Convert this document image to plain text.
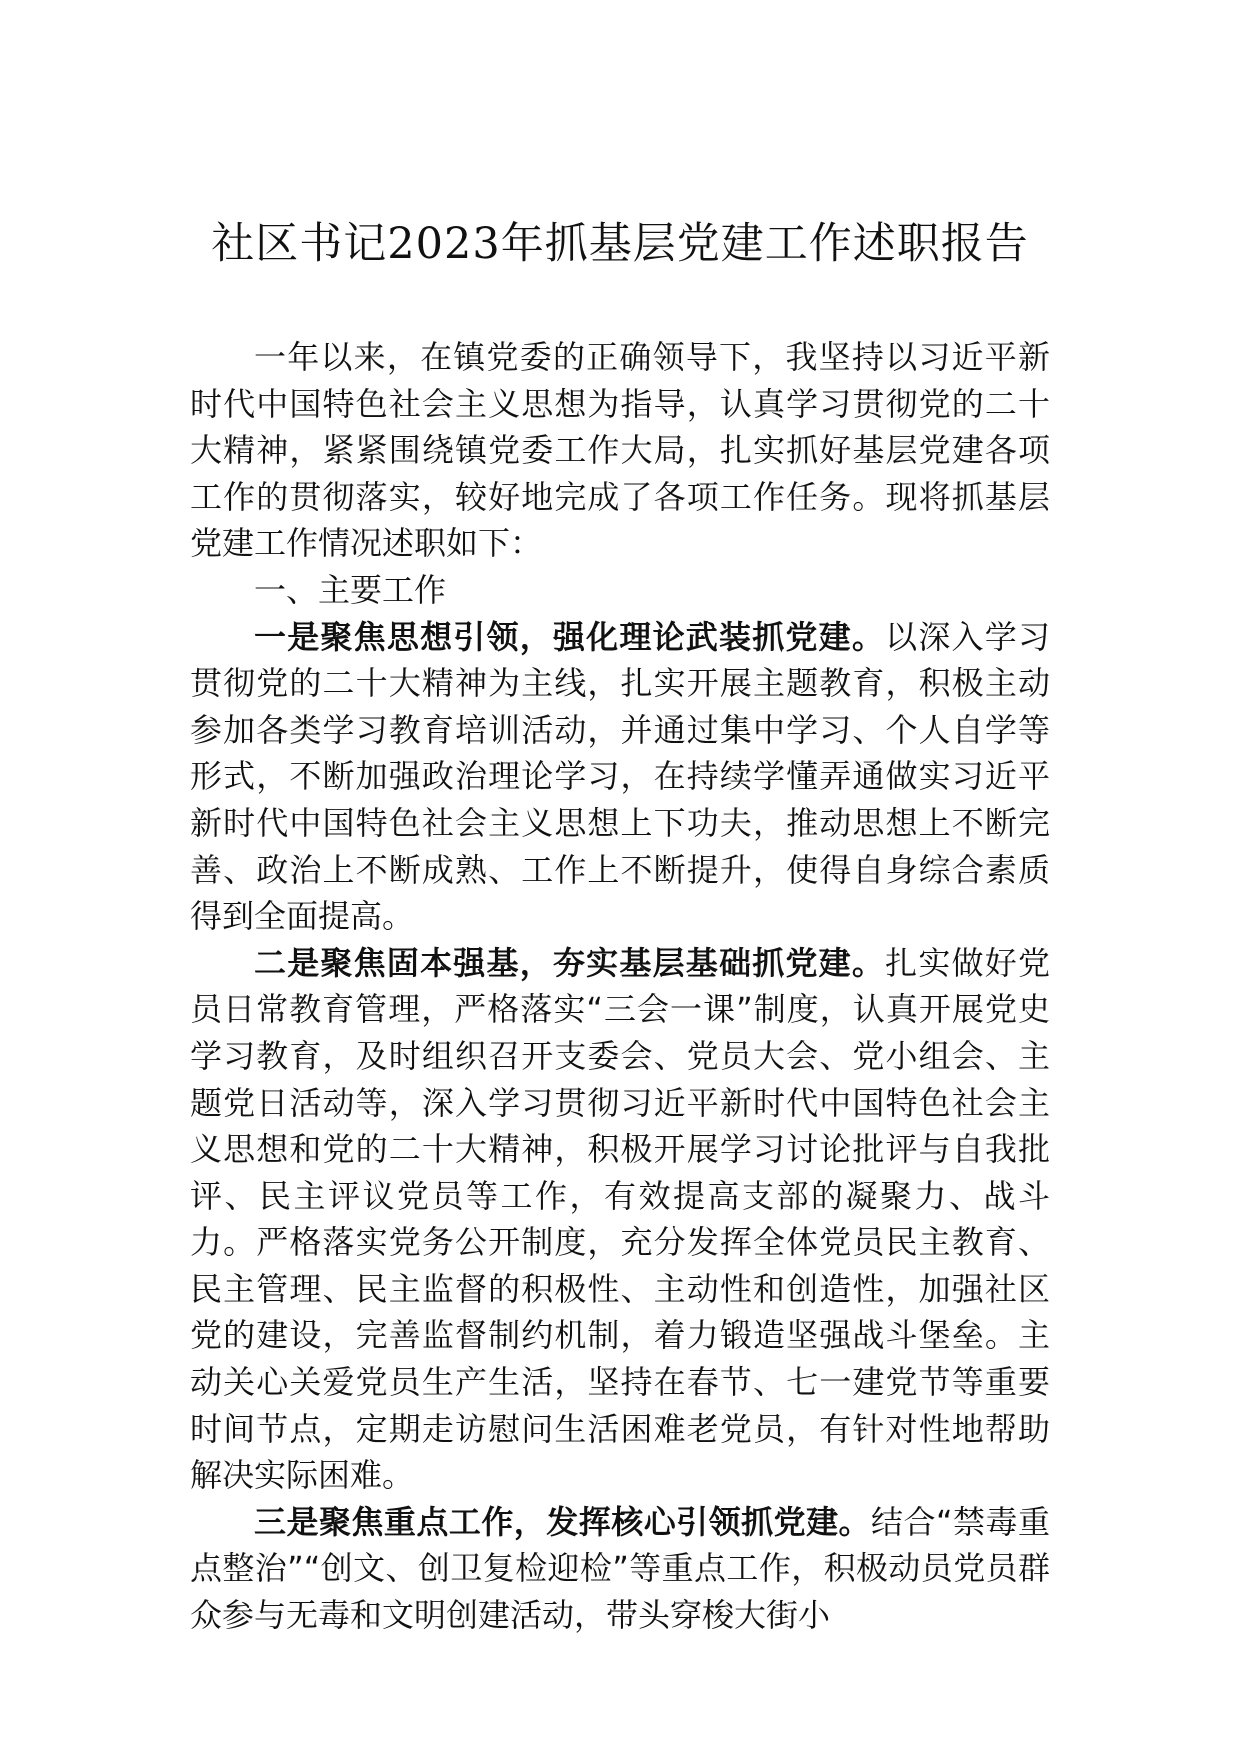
社区书记2023年抓基层党建工作述职报告

一年以来，在镇党委的正确领导下，我坚持以习近平新时代中国特色社会主义思想为指导，认真学习贯彻党的二十大精神，紧紧围绕镇党委工作大局，扎实抓好基层党建各项工作的贯彻落实，较好地完成了各项工作任务。现将抓基层党建工作情况述职如下：

一、主要工作

一是聚焦思想引领，强化理论武装抓党建。以深入学习贯彻党的二十大精神为主线，扎实开展主题教育，积极主动参加各类学习教育培训活动，并通过集中学习、个人自学等形式，不断加强政治理论学习，在持续学懂弄通做实习近平新时代中国特色社会主义思想上下功夫，推动思想上不断完善、政治上不断成熟、工作上不断提升，使得自身综合素质得到全面提高。

二是聚焦固本强基，夯实基层基础抓党建。扎实做好党员日常教育管理，严格落实“三会一课”制度，认真开展党史学习教育，及时组织召开支委会、党员大会、党小组会、主题党日活动等，深入学习贯彻习近平新时代中国特色社会主义思想和党的二十大精神，积极开展学习讨论批评与自我批评、民主评议党员等工作，有效提高支部的凝聚力、战斗力。严格落实党务公开制度，充分发挥全体党员民主教育、民主管理、民主监督的积极性、主动性和创造性，加强社区党的建设，完善监督制约机制，着力锻造坚强战斗堡垒。主动关心关爱党员生产生活，坚持在春节、七一建党节等重要时间节点，定期走访慰问生活困难老党员，有针对性地帮助解决实际困难。

三是聚焦重点工作，发挥核心引领抓党建。结合“禁毒重点整治”“创文、创卫复检迎检”等重点工作，积极动员党员群众参与无毒和文明创建活动，带头穿梭大街小
